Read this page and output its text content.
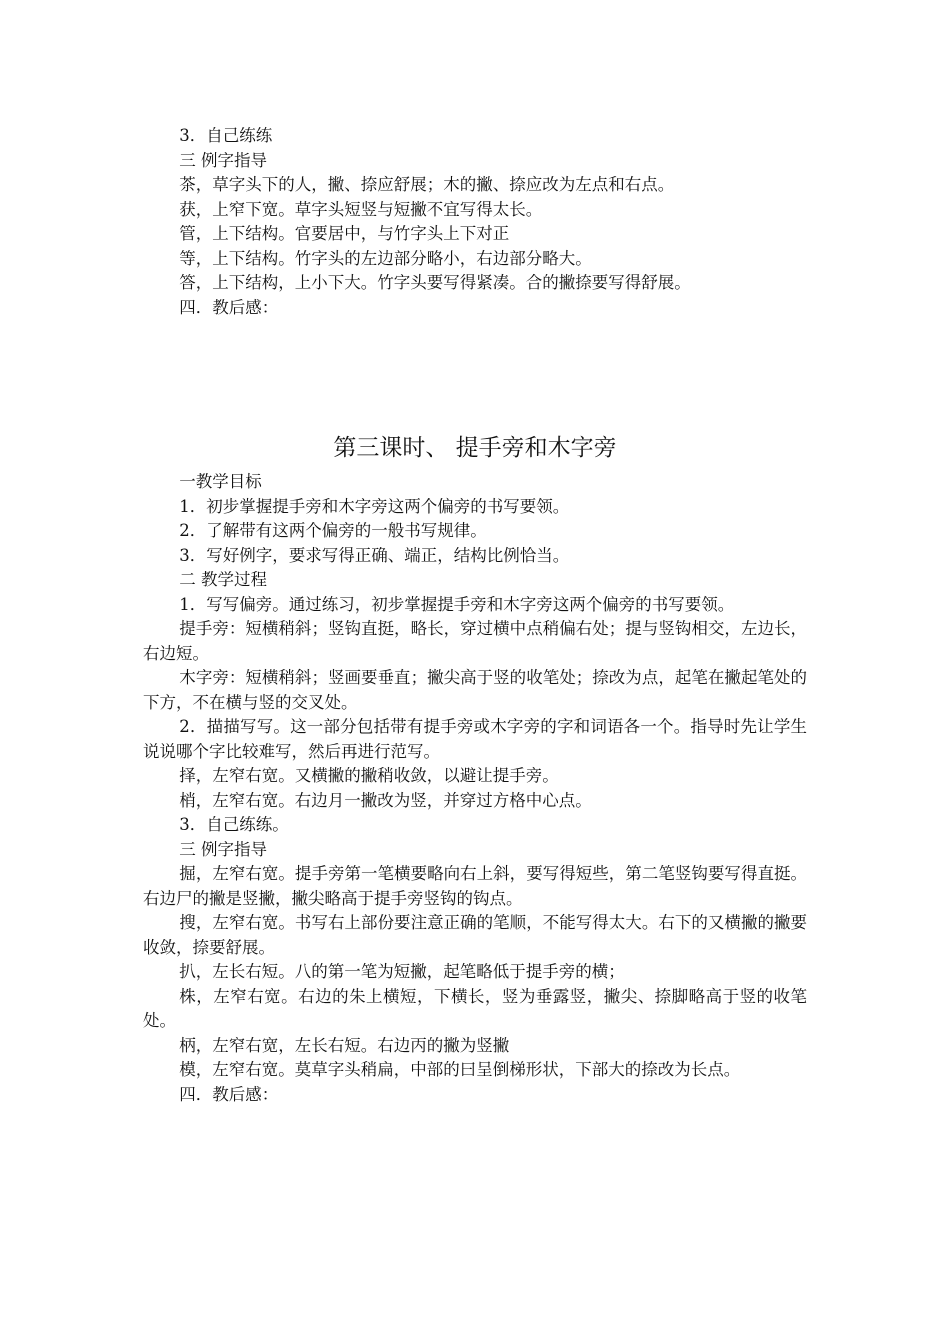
3．自己练练

三 例字指导

茶，草字头下的人，撇、捺应舒展；木的撇、捺应改为左点和右点。

获，上窄下宽。草字头短竖与短撇不宜写得太长。

管，上下结构。官要居中，与竹字头上下对正

等，上下结构。竹字头的左边部分略小，右边部分略大。

答，上下结构，上小下大。竹字头要写得紧凑。合的撇捺要写得舒展。

四．教后感：

第三课时、 提手旁和木字旁

一教学目标

1．初步掌握提手旁和木字旁这两个偏旁的书写要领。

2．了解带有这两个偏旁的一般书写规律。

3．写好例字，要求写得正确、端正，结构比例恰当。

二 教学过程

1．写写偏旁。通过练习，初步掌握提手旁和木字旁这两个偏旁的书写要领。

提手旁：短横稍斜；竖钩直挺，略长，穿过横中点稍偏右处；提与竖钩相交，左边长，右边短。

木字旁：短横稍斜；竖画要垂直；撇尖高于竖的收笔处；捺改为点，起笔在撇起笔处的下方，不在横与竖的交叉处。

2．描描写写。这一部分包括带有提手旁或木字旁的字和词语各一个。指导时先让学生说说哪个字比较难写，然后再进行范写。

择，左窄右宽。又横撇的撇稍收敛，以避让提手旁。

梢，左窄右宽。右边月一撇改为竖，并穿过方格中心点。

3．自己练练。

三 例字指导

掘，左窄右宽。提手旁第一笔横要略向右上斜，要写得短些，第二笔竖钩要写得直挺。右边尸的撇是竖撇，撇尖略高于提手旁竖钩的钩点。

搜，左窄右宽。书写右上部份要注意正确的笔顺，不能写得太大。右下的又横撇的撇要收敛，捺要舒展。

扒，左长右短。八的第一笔为短撇，起笔略低于提手旁的横；

株，左窄右宽。右边的朱上横短，下横长，竖为垂露竖，撇尖、捺脚略高于竖的收笔处。

柄，左窄右宽，左长右短。右边丙的撇为竖撇

模，左窄右宽。莫草字头稍扁，中部的曰呈倒梯形状，下部大的捺改为长点。

四．教后感：
